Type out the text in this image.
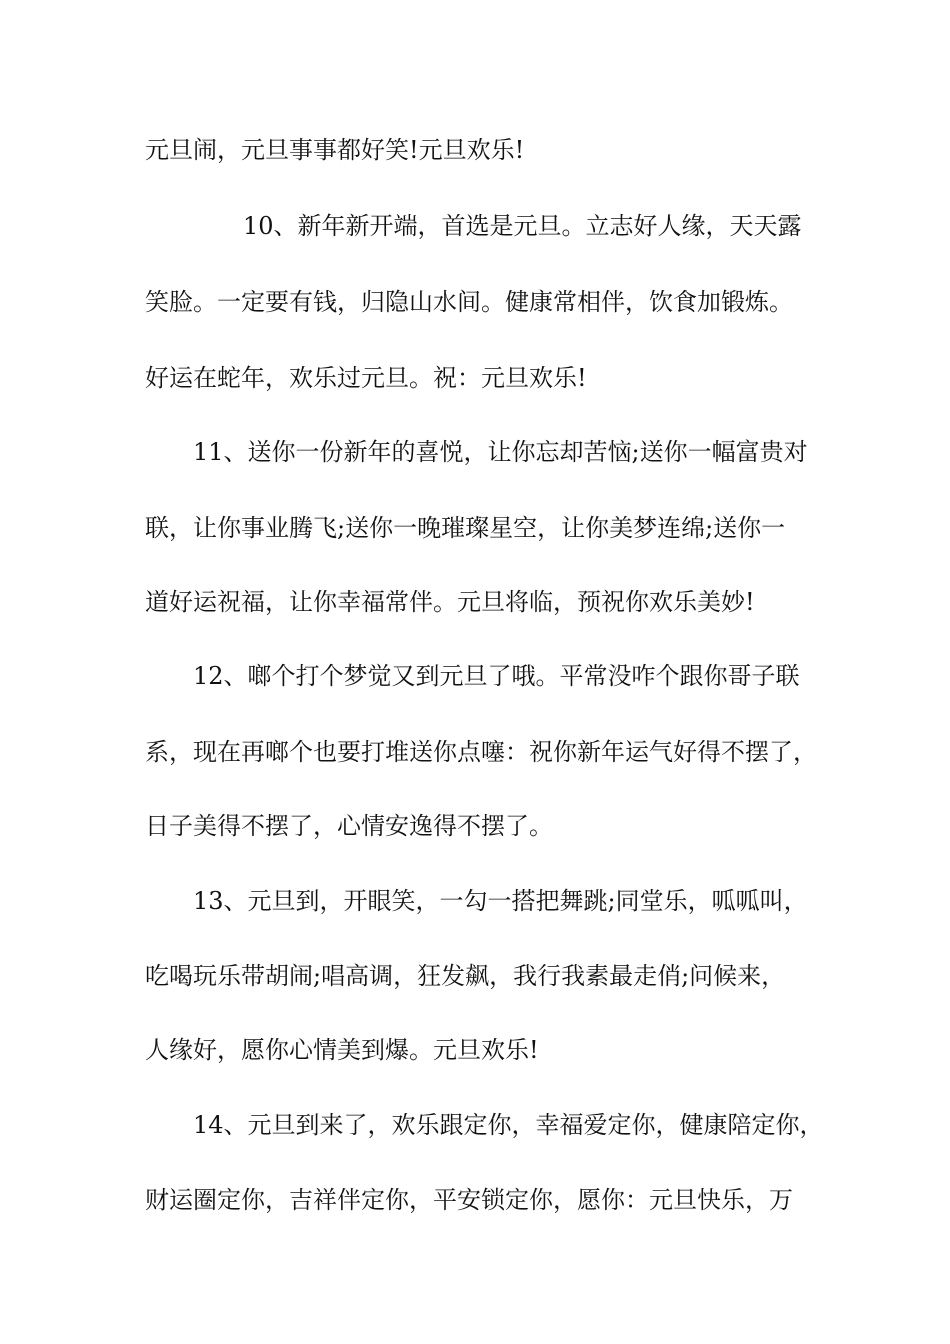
元旦闹，元旦事事都好笑!元旦欢乐!
10、新年新开端，首选是元旦。立志好人缘，天天露
笑脸。一定要有钱，归隐山水间。健康常相伴，饮食加锻炼。
好运在蛇年，欢乐过元旦。祝：元旦欢乐!
11、送你一份新年的喜悦，让你忘却苦恼;送你一幅富贵对
联，让你事业腾飞;送你一晚璀璨星空，让你美梦连绵;送你一
道好运祝福，让你幸福常伴。元旦将临，预祝你欢乐美妙!
12、啷个打个梦觉又到元旦了哦。平常没咋个跟你哥子联
系，现在再啷个也要打堆送你点噻：祝你新年运气好得不摆了，
日子美得不摆了，心情安逸得不摆了。
13、元旦到，开眼笑，一勾一搭把舞跳;同堂乐，呱呱叫，
吃喝玩乐带胡闹;唱高调，狂发飙，我行我素最走俏;问候来，
人缘好，愿你心情美到爆。元旦欢乐!
14、元旦到来了，欢乐跟定你，幸福爱定你，健康陪定你，
财运圈定你，吉祥伴定你，平安锁定你，愿你：元旦快乐，万
